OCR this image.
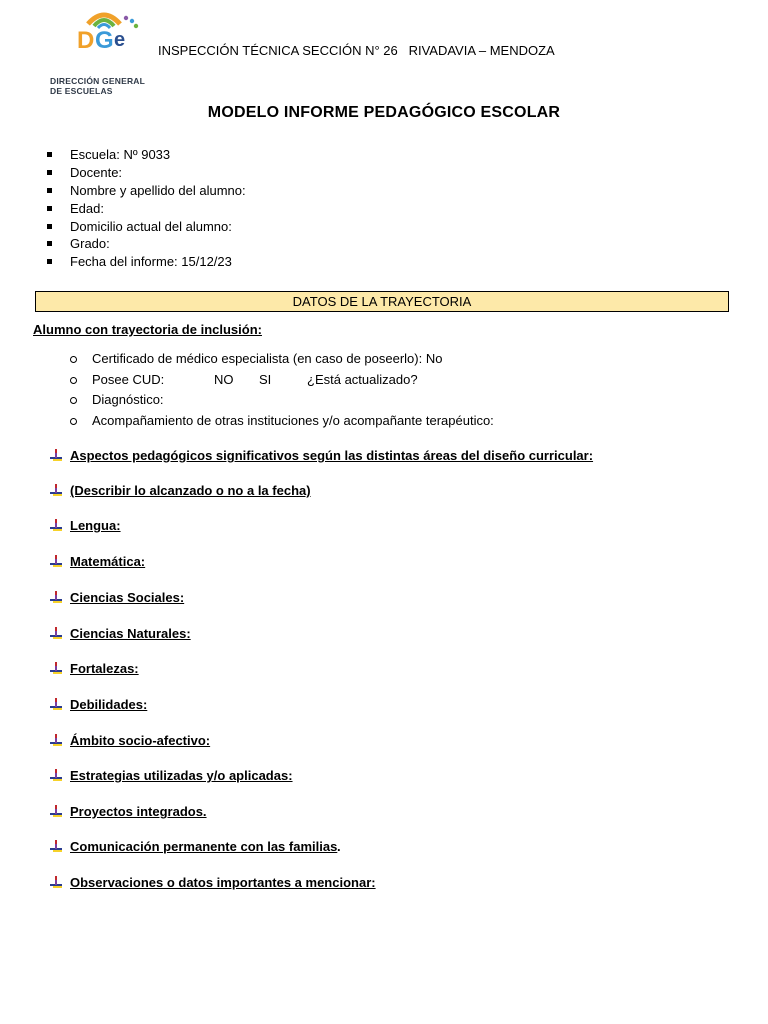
D G e
DIRECCIÓN GENERAL
DE ESCUELAS
INSPECCIÓN TÉCNICA SECCIÓN N° 26   RIVADAVIA – MENDOZA
MODELO INFORME PEDAGÓGICO ESCOLAR
Escuela: Nº 9033
Docente:
Nombre y apellido del alumno:
Edad:
Domicilio actual del alumno:
Grado:
Fecha del informe: 15/12/23
DATOS DE LA TRAYECTORIA
Alumno con trayectoria de inclusión:
Certificado de médico especialista (en caso de poseerlo): No
Posee CUD:	NO SI	¿Está actualizado?
Diagnóstico:
Acompañamiento de otras instituciones y/o acompañante terapéutico:
Aspectos pedagógicos significativos según las distintas áreas del diseño curricular:
(Describir lo alcanzado o no a la fecha)
Lengua:
Matemática:
Ciencias Sociales:
Ciencias Naturales:
Fortalezas:
Debilidades:
Ámbito socio-afectivo:
Estrategias utilizadas y/o aplicadas:
Proyectos integrados.
Comunicación permanente con las familias .
Observaciones o datos importantes a mencionar:
